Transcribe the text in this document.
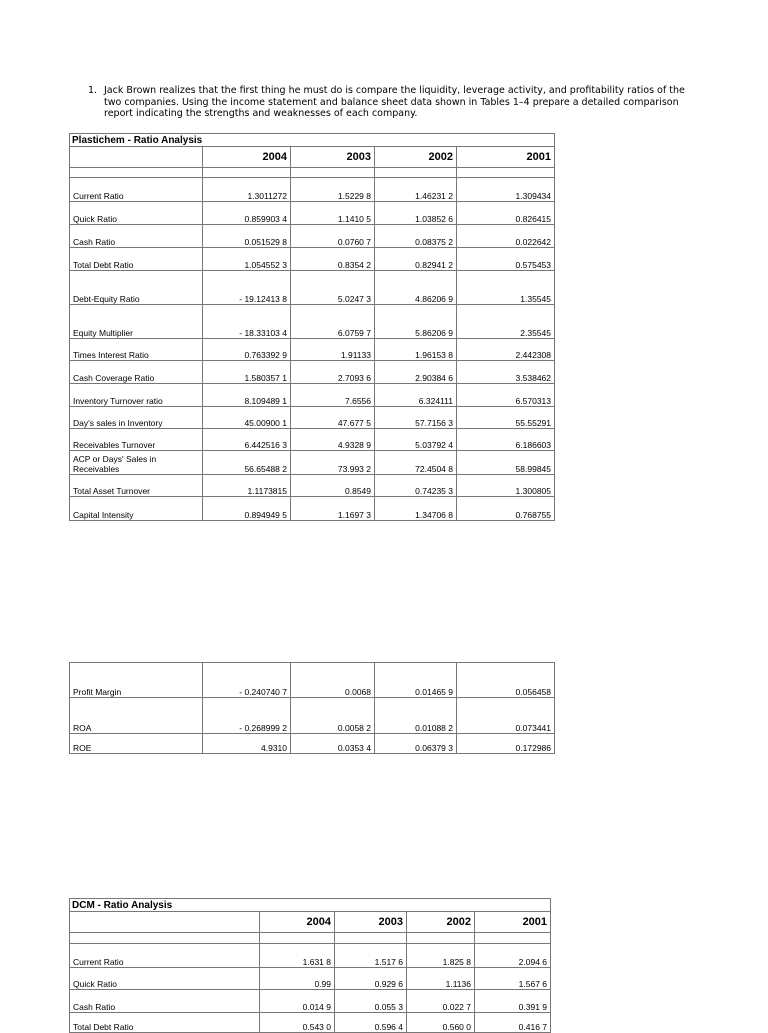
1. Jack Brown realizes that the first thing he must do is compare the liquidity, leverage activity, and profitability ratios of the two companies. Using the income statement and balance sheet data shown in Tables 1–4 prepare a detailed comparison report indicating the strengths and weaknesses of each company.
Plastichem - Ratio Analysis				
	2004	2003	2002	2001

Current Ratio	1.3011272	1.5229 8	1.46231 2	1.309434
Quick Ratio	0.859903 4	1.1410 5	1.03852 6	0.826415
Cash Ratio	0.051529 8	0.0760 7	0.08375 2	0.022642
Total Debt Ratio	1.054552 3	0.8354 2	0.82941 2	0.575453
Debt-Equity Ratio	- 19.12413 8	5.0247 3	4.86206 9	1.35545
Equity Multiplier	- 18.33103 4	6.0759 7	5.86206 9	2.35545
Times Interest Ratio	0.763392 9	1.91133	1.96153 8	2.442308
Cash Coverage Ratio	1.580357 1	2.7093 6	2.90384 6	3.538462
Inventory Turnover ratio	8.109489 1	7.6556	6.324111	6.570313
Day's sales in Inventory	45.00900 1	47.677 5	57.7156 3	55.55291
Receivables Turnover	6.442516 3	4.9328 9	5.03792 4	6.186603
ACP or Days' Sales in Receivables	56.65488 2	73.993 2	72.4504 8	58.99845
Total Asset Turnover	1.1173815	0.8549	0.74235 3	1.300805
Capital Intensity	0.894949 5	1.1697 3	1.34706 8	0.768755
Profit Margin	- 0.240740 7	0.0068	0.01465 9	0.056458
ROA	- 0.268999 2	0.0058 2	0.01088 2	0.073441
ROE	4.9310	0.0353 4	0.06379 3	0.172986
DCM - Ratio Analysis				
	2004	2003	2002	2001

Current Ratio	1.631 8	1.517 6	1.825 8	2.094 6
Quick Ratio	0.99	0.929 6	1.1136	1.567 6
Cash Ratio	0.014 9	0.055 3	0.022 7	0.391 9
Total Debt Ratio	0.543 0	0.596 4	0.560 0	0.416 7
